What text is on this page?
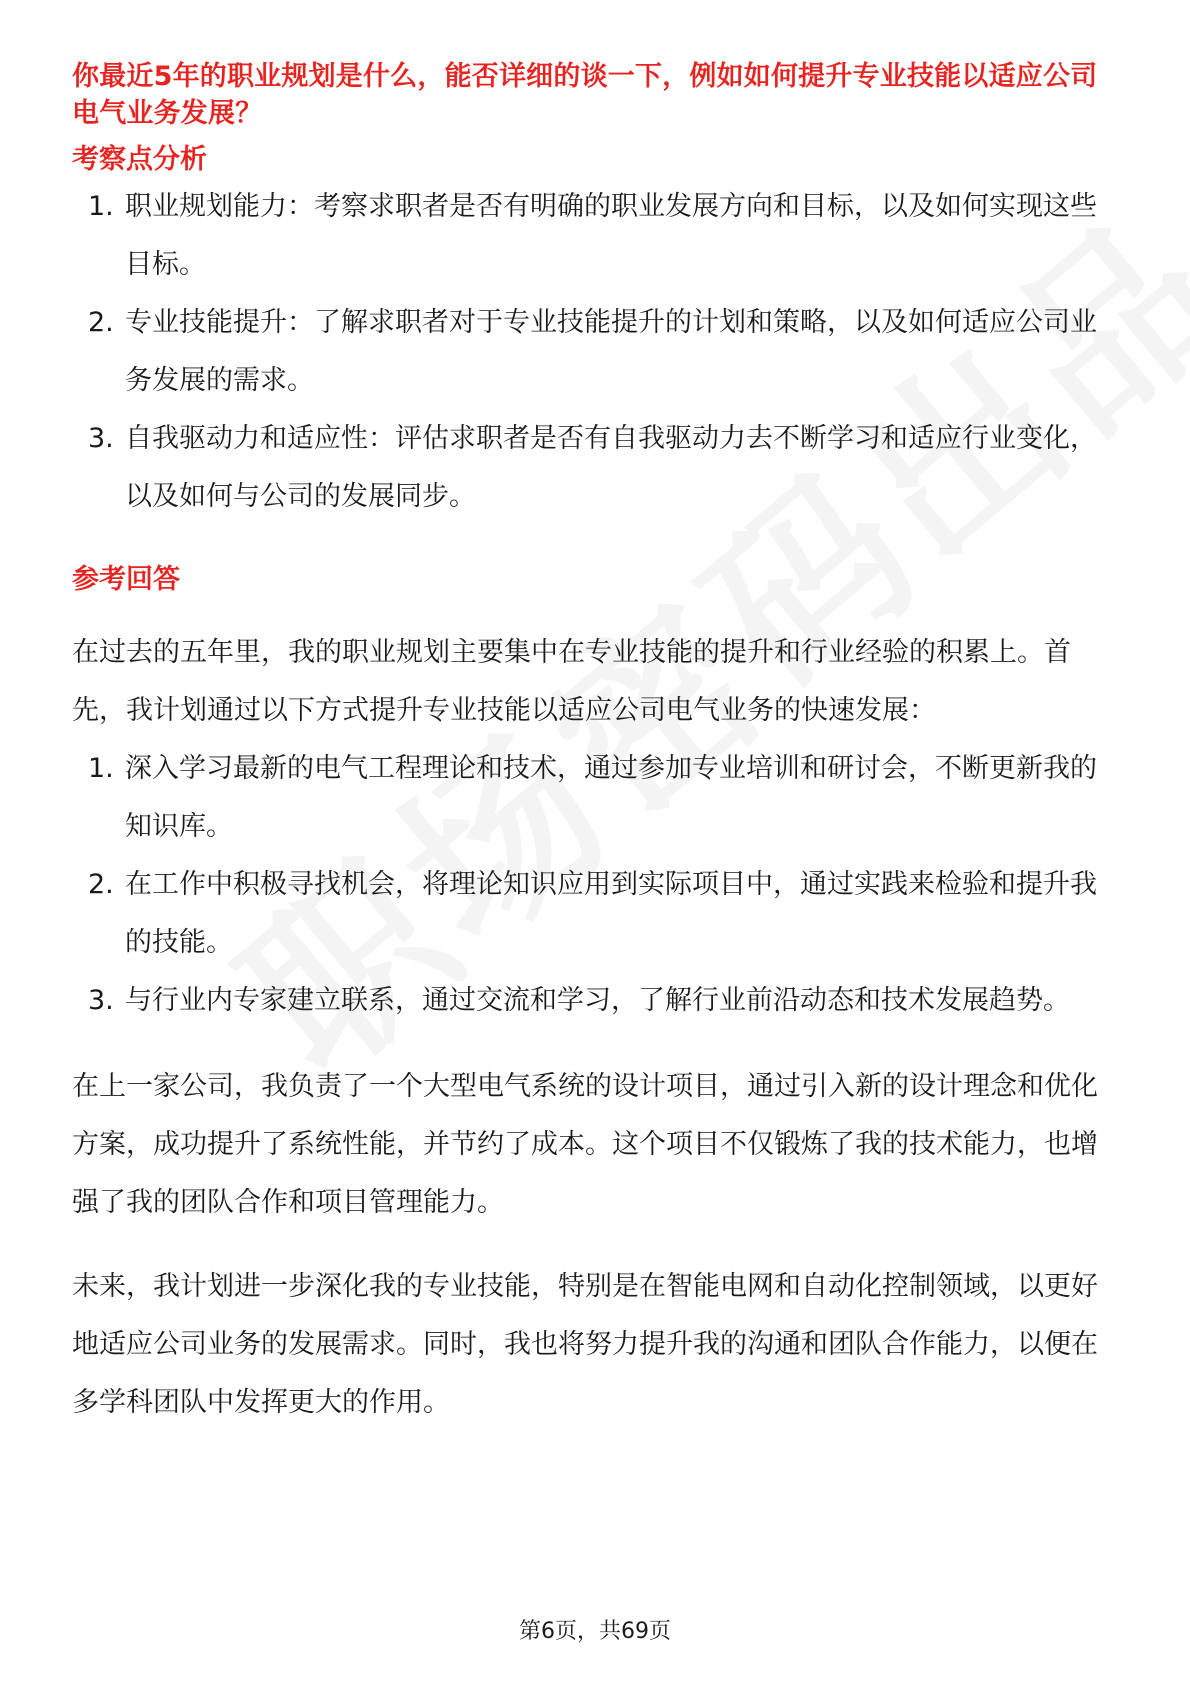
你最近5年的职业规划是什么，能否详细的谈一下，例如如何提升专业技能以适应公司电气业务发展？

考察点分析

1. 职业规划能力：考察求职者是否有明确的职业发展方向和目标，以及如何实现这些目标。
2. 专业技能提升：了解求职者对于专业技能提升的计划和策略，以及如何适应公司业务发展的需求。
3. 自我驱动力和适应性：评估求职者是否有自我驱动力去不断学习和适应行业变化，以及如何与公司的发展同步。

参考回答

在过去的五年里，我的职业规划主要集中在专业技能的提升和行业经验的积累上。首先，我计划通过以下方式提升专业技能以适应公司电气业务的快速发展：

1. 深入学习最新的电气工程理论和技术，通过参加专业培训和研讨会，不断更新我的知识库。
2. 在工作中积极寻找机会，将理论知识应用到实际项目中，通过实践来检验和提升我的技能。
3. 与行业内专家建立联系，通过交流和学习，了解行业前沿动态和技术发展趋势。

在上一家公司，我负责了一个大型电气系统的设计项目，通过引入新的设计理念和优化方案，成功提升了系统性能，并节约了成本。这个项目不仅锻炼了我的技术能力，也增强了我的团队合作和项目管理能力。

未来，我计划进一步深化我的专业技能，特别是在智能电网和自动化控制领域，以更好地适应公司业务的发展需求。同时，我也将努力提升我的沟通和团队合作能力，以便在多学科团队中发挥更大的作用。

第6页，共69页
